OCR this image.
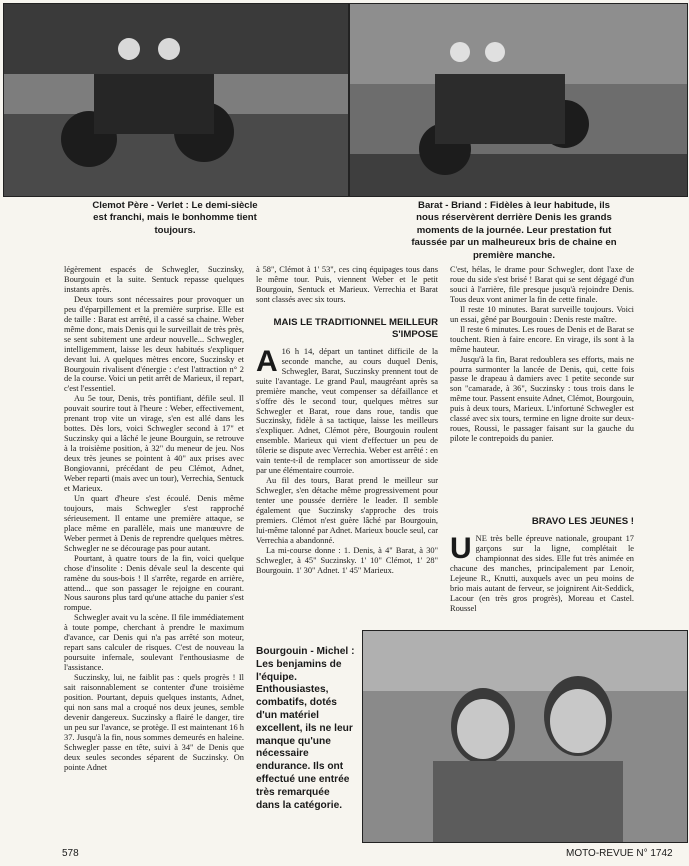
Clemot Père - Verlet : Le demi-siècle est franchi, mais le bonhomme tient toujours.
Barat - Briand : Fidèles à leur habitude, ils nous réservèrent derrière Denis les grands moments de la journée. Leur prestation fut faussée par un malheureux bris de chaine en première manche.
Bourgouin - Michel : Les benjamins de l'équipe. Enthousiastes, combatifs, dotés d'un matériel excellent, ils ne leur manque qu'une nécessaire endurance. Ils ont effectué une entrée très remarquée dans la catégorie.

légèrement espacés de Schwegler, Suczinsky, Bourgouin et la suite. Sentuck repasse quelques instants après.

Deux tours sont nécessaires pour provoquer un peu d'éparpillement et la première surprise. Elle est de taille : Barat est arrêté, il a cassé sa chaine. Weber même donc, mais Denis qui le surveillait de très près, se sent subitement une ardeur nouvelle... Schwegler, intelligemment, laisse les deux habitués s'expliquer devant lui. A quelques mètres encore, Suczinsky et Bourgouin rivalisent d'énergie : c'est l'attraction n° 2 de la course. Voici un petit arrêt de Marieux, il repart, c'est l'essentiel.

Au 5e tour, Denis, très pontifiant, défile seul. Il pouvait sourire tout à l'heure : Weber, effectivement, prenant trop vite un virage, s'en est allé dans les bottes. Dès lors, voici Schwegler second à 17" et Suczinsky qui a lâché le jeune Bourguin, se retrouve à la troisième position, à 32" du meneur de jeu. Nos deux très jeunes se pointent à 40" aux prises avec Bongiovanni, précédant de peu Clémot, Adnet, Weber reparti (mais avec un tour), Verrechia, Sentuck et Marieux.

Un quart d'heure s'est écoulé. Denis même toujours, mais Schwegler s'est rapproché sérieusement. Il entame une première attaque, se place même en parallèle, mais une manœuvre de Weber permet à Denis de reprendre quelques mètres. Schwegler ne se décourage pas pour autant.

Pourtant, à quatre tours de la fin, voici quelque chose d'insolite : Denis dévale seul la descente qui ramène du sous-bois ! Il s'arrête, regarde en arrière, attend... que son passager le rejoigne en courant. Nous saurons plus tard qu'une attache du panier s'est rompue.

Schwegler avait vu la scène. Il file immédiatement à toute pompe, cherchant à prendre le maximum d'avance, car Denis qui n'a pas arrêté son moteur, repart sans calculer de risques. C'est de nouveau la poursuite infernale, soulevant l'enthousiasme de l'assistance.

Suczinsky, lui, ne faiblit pas : quels progrès ! Il sait raisonnablement se contenter d'une troisième position. Pourtant, depuis quelques instants, Adnet, qui non sans mal a croqué nos deux jeunes, semble devenir dangereux. Suczinsky a flairé le danger, tire un peu sur l'avance, se protège. Il est maintenant 16 h 37. Jusqu'à la fin, nous sommes demeurés en haleine. Schwegler passe en tête, suivi à 34" de Denis que deux seules secondes séparent de Suczinsky. On pointe Adnet

à 58", Clémot à 1' 53", ces cinq équipages tous dans le même tour. Puis, viennent Weber et le petit Bourgouin, Sentuck et Marieux. Verrechia et Barat sont classés avec six tours.

MAIS LE TRADITIONNEL MEILLEUR S'IMPOSE

A 16 h 14, départ un tantinet difficile de la seconde manche, au cours duquel Denis, Schwegler, Barat, Suczinsky prennent tout de suite l'avantage. Le grand Paul, maugréant après sa première manche, veut compenser sa défaillance et s'offre dès le second tour, quelques mètres sur Schwegler et Barat, roue dans roue, tandis que Suczinsky, fidèle à sa tactique, laisse les meilleurs s'expliquer. Adnet, Clémot père, Bourgouin roulent ensemble. Marieux qui vient d'effectuer un peu de tôlerie se dispute avec Verrechia. Weber est arrêté : en vain tente-t-il de remplacer son amortisseur de side par une élémentaire courroie.

Au fil des tours, Barat prend le meilleur sur Schwegler, s'en détache même progressivement pour tenter une poussée derrière le leader. Il semble également que Suczinsky s'approche des trois premiers. Clémot n'est guère lâché par Bourgouin, lui-même talonné par Adnet. Marieux boucle seul, car Verrechia a abandonné.

La mi-course donne : 1. Denis, à 4" Barat, à 30" Schwegler, à 45" Suczinsky. 1' 10" Clémot, 1' 28" Bourgouin. 1' 30" Adnet. 1' 45" Marieux.

C'est, hélas, le drame pour Schwegler, dont l'axe de roue du side s'est brisé ! Barat qui se sent dégagé d'un souci à l'arrière, file presque jusqu'à rejoindre Denis. Tous deux vont animer la fin de cette finale.

Il reste 10 minutes. Barat surveille toujours. Voici un essai, gêné par Bourgouin : Denis reste maître.

Il reste 6 minutes. Les roues de Denis et de Barat se touchent. Rien à faire encore. En virage, ils sont à la même hauteur.

Jusqu'à la fin, Barat redoublera ses efforts, mais ne pourra surmonter la lancée de Denis, qui, cette fois passe le drapeau à damiers avec 1 petite seconde sur son "camarade, à 36", Suczinsky : tous trois dans le même tour. Passent ensuite Adnet, Clémot, Bourgouin, puis à deux tours, Marieux. L'infortuné Schwegler est classé avec six tours, termine en ligne droite sur deux-roues, Roussi, le passager faisant sur la gauche du pilote le contrepoids du panier.

BRAVO LES JEUNES !

UNE très belle épreuve nationale, groupant 17 garçons sur la ligne, complétait le championnat des sides. Elle fut très animée en chacune des manches, principalement par Lenoir, Lejeune R., Knutti, auxquels avec un peu moins de brio mais autant de ferveur, se joignirent Ait-Seddick, Lacour (en très gros progrès), Moreau et Castel. Roussel

578	MOTO-REVUE N° 1742
